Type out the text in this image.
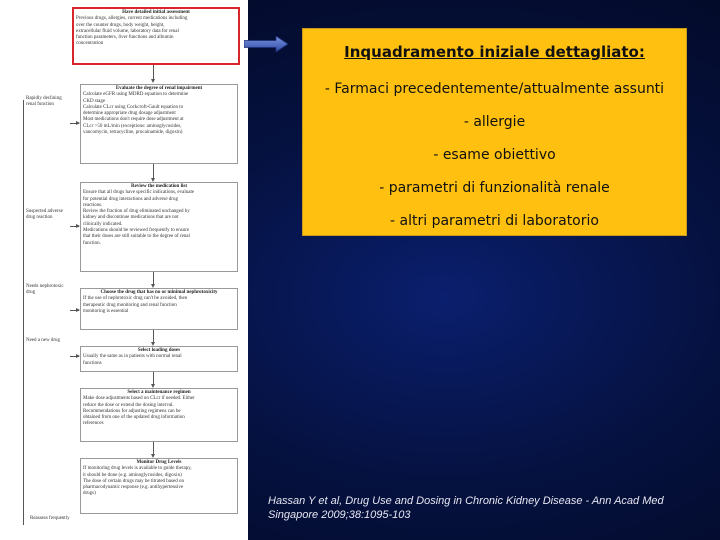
Have detailed initial assessment
Previous drugs, allergies, current medications including
over the counter drugs, body weight, height,
extracellular fluid volume, laboratory data for renal
function parameters, liver functions and albumin
concentration
Evaluate the degree of renal impairment
Calculate eGFR using MDRD equation to determine
CKD stage
Calculate CLcr using Cockcroft-Gault equation to
determine appropriate drug dosage adjustment
Most medications don't require dose adjustment at
CLcr >50 mL/min (exceptions: aminoglycosides,
vancomycin, tetracycline, procainamide, digoxin)
Review the medication list
Ensure that all drugs have specific indications, evaluate
for potential drug interactions and adverse drug
reactions.
Review the fraction of drug eliminated unchanged by
kidney and discontinue medications that are not
clinically indicated.
Medications should be reviewed frequently to ensure
that their doses are still suitable to the degree of renal
function.
Choose the drug that has no or minimal nephrotoxicity
If the use of nephrotoxic drug can't be avoided, then
therapeutic drug monitoring and renal function
monitoring is essential
Select loading doses
Usually the same as in patients with normal renal
functions
Select a maintenance regimen
Make dose adjustments based on CLcr if needed. Either
reduce the dose or extend the dosing interval.
Recommendations for adjusting regimens can be
obtained from one of the updated drug information
references
Monitor Drug Levels
If monitoring drug levels is available to guide therapy,
it should be done (e.g. aminoglycosides, digoxin)
The dose of certain drugs may be titrated based on
pharmacodynamic response (e.g. antihypertensive
drugs)
Rapidly declining renal function
Suspected adverse drug reaction
Needs nephrotoxic drug
Need a new drug
Reassess frequently
Inquadramento iniziale dettagliato:
- Farmaci precedentemente/attualmente assunti
- allergie
- esame obiettivo
- parametri di funzionalità renale
- altri parametri di laboratorio
Hassan Y et al, Drug Use and Dosing in Chronic Kidney Disease - Ann Acad Med
Singapore 2009;38:1095-103
